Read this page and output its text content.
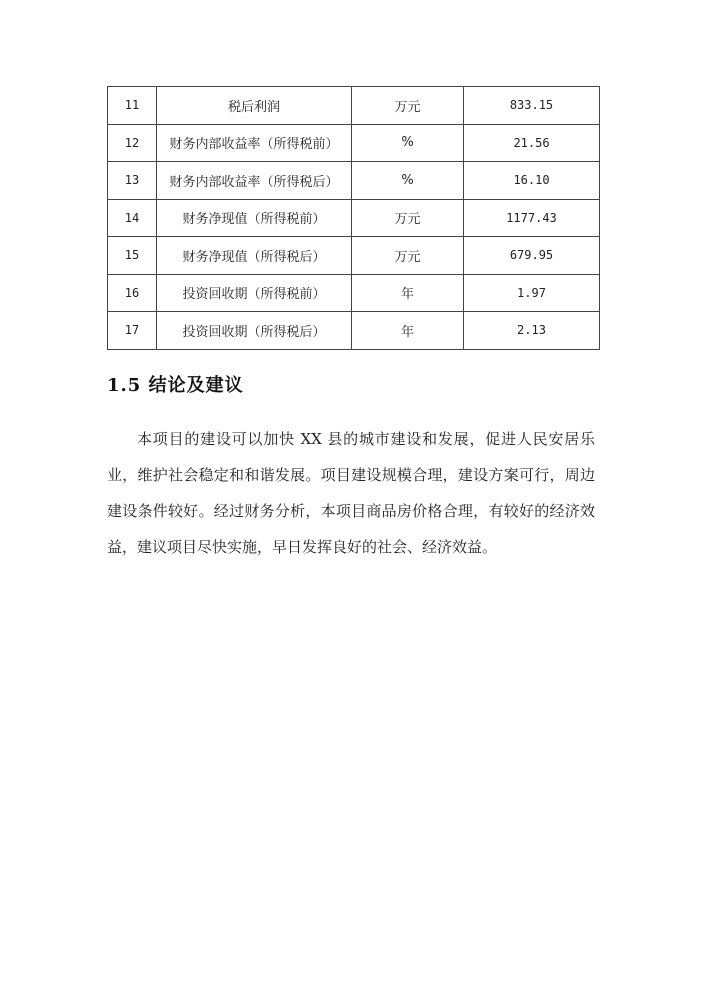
11	税后利润	万元	833.15
12	财务内部收益率（所得税前）	%	21.56
13	财务内部收益率（所得税后）	%	16.10
14	财务净现值（所得税前）	万元	1177.43
15	财务净现值（所得税后）	万元	679.95
16	投资回收期（所得税前）	年	1.97
17	投资回收期（所得税后）	年	2.13
1.5 结论及建议

本项目的建设可以加快 XX 县的城市建设和发展，促进人民安居乐业，维护社会稳定和和谐发展。项目建设规模合理，建设方案可行，周边建设条件较好。经过财务分析，本项目商品房价格合理，有较好的经济效益，建议项目尽快实施，早日发挥良好的社会、经济效益。
